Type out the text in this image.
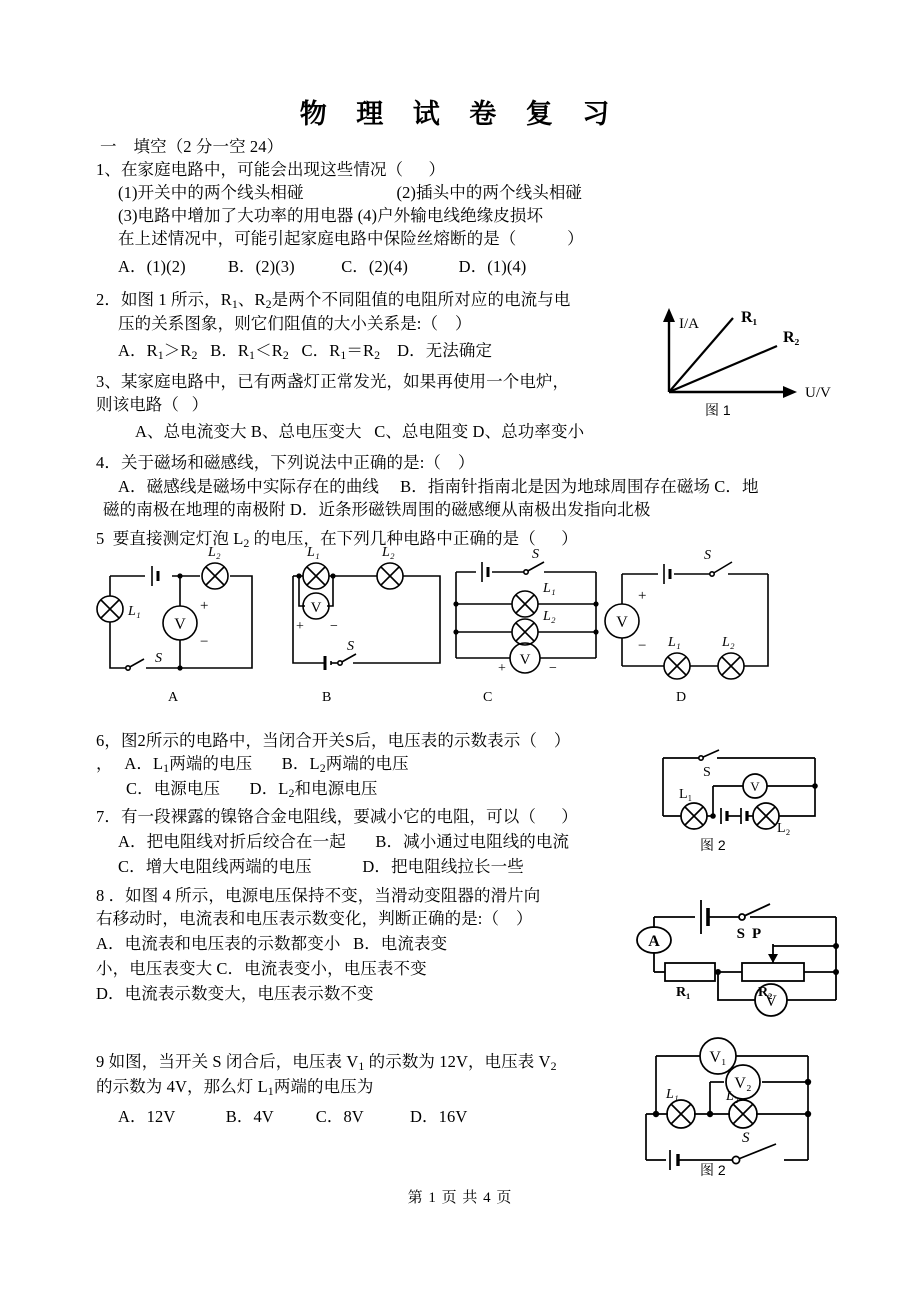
物 理 试 卷 复 习
一    填空（2 分一空 24）
1、在家庭电路中，可能会出现这些情况（      ）
(1)开关中的两个线头相碰                      (2)插头中的两个线头相碰
(3)电路中增加了大功率的用电器 (4)户外输电线绝缘皮损坏
在上述情况中，可能引起家庭电路中保险丝熔断的是（            ）
A．(1)(2)          B．(2)(3)           C．(2)(4)            D．(1)(4)
2．如图 1 所示，$R_1$、$R_2$是两个不同阻值的电阻所对应的电流与电
压的关系图象，则它们阻值的大小关系是:（    ）
A．$R_1>R_2$   B．$R_1<R_2$   C．$R_1=R_2$    D．无法确定
3、某家庭电路中，已有两盏灯正常发光，如果再使用一个电炉，
则该电路（   ）
A、总电流变大 B、总电压变大   C、总电阻变 D、总功率变小
4．关于磁场和磁感线，下列说法中正确的是:（    ）
A．磁感线是磁场中实际存在的曲线     B．指南针指南北是因为地球周围存在磁场 C．地
磁的南极在地理的南极附 D．近条形磁铁周围的磁感缏从南极出发指向北极
5  要直接测定灯泡 $L_2$ 的电压，在下列几种电路中正确的是（      ）
V
L₁
L₂
+
−
S
A
V
L₁	L₂
+ −
S
B
V
L₁
L₂
+	−
S
C
V
+
− L₁	L₂
S
D
6，图2所示的电路中，当闭合开关S后，电压表的示数表示（    ）
，   A．$L_1$两端的电压       B．$L_2$两端的电压
C．电源电压       D．$L_2$和电源电压	V
S
L₁
L₂
图 2
7．有一段裸露的镍铬合金电阻线，要减小它的电阻，可以（      ）
A．把电阻线对折后绞合在一起       B．减小通过电阻线的电流
C．增大电阻线两端的电压            D．把电阻线拉长一些
8 ．如图 4 所示，电源电压保持不变，当滑动变阻器的滑片向
右移动时，电流表和电压表示数变化，判断正确的是:（    ）
A．电流表和电压表的示数都变小   B．电流表变
小，电压表变大 C．电流表变小，电压表不变
D．电流表示数变大，电压表示数不变
A
V
P
R₁	R₂
S
9 如图，当开关 S 闭合后，电压表 $V_1$ 的示数为 12V，电压表 $V_2$
的示数为 4V，那么灯 $L_1$两端的电压为
A．12V            B．4V          C．8V           D．16V
V₁
V₂
L₁	L₂
S
图 2
I/A
U/V
R₁
R₂
图 1
第 1 页 共 4 页
